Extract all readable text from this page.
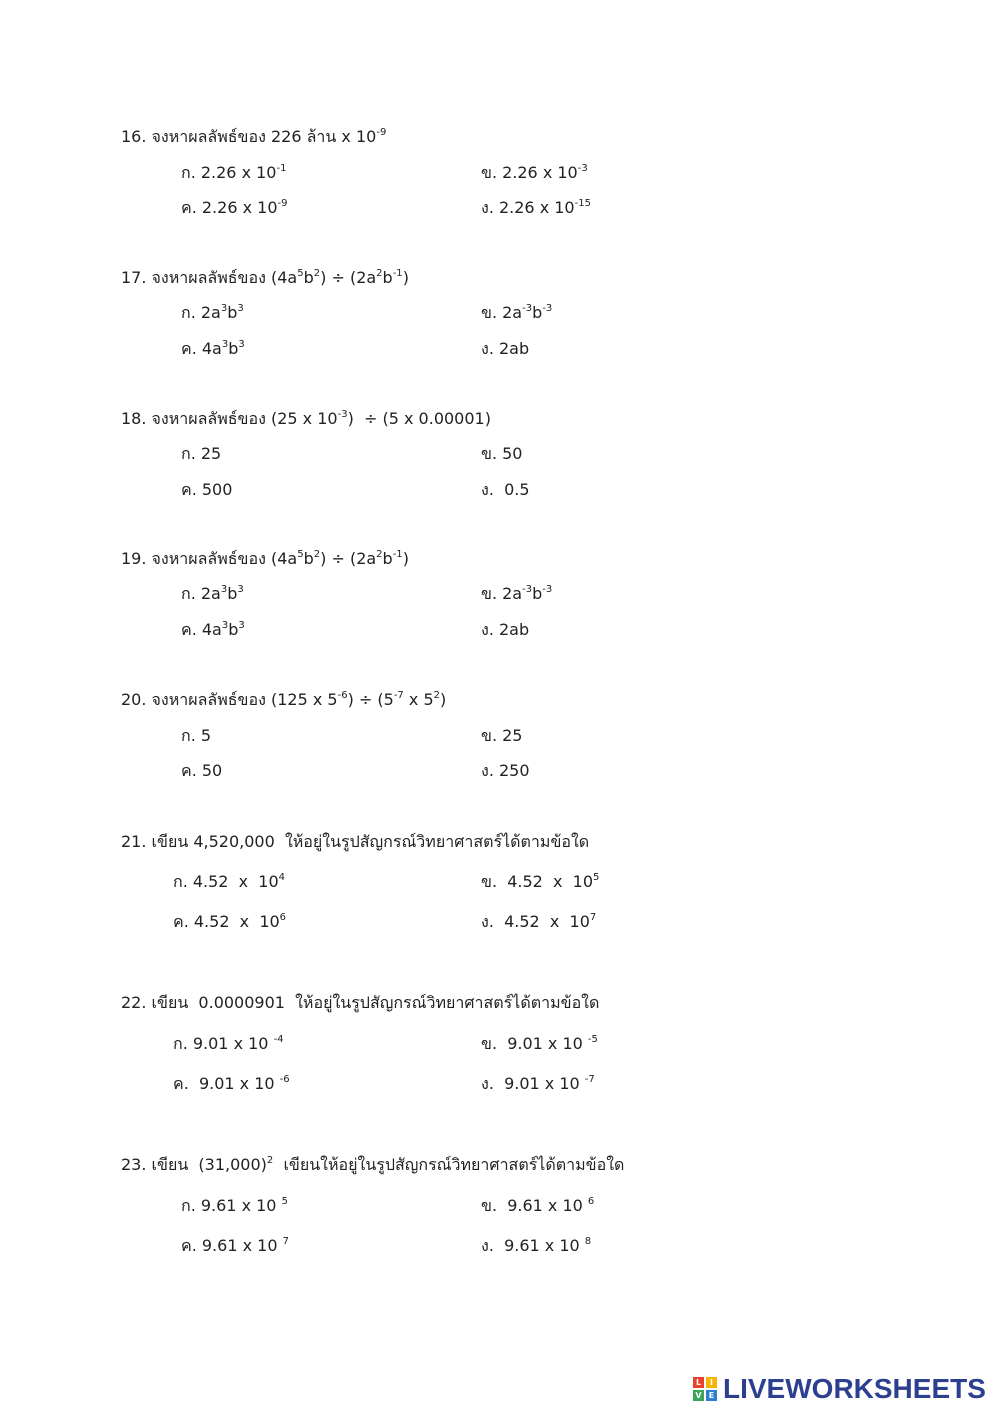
16. จงหาผลลัพธ์ของ 226 ล้าน x $10^{-9}$
ก. 2.26 x $10^{-1}$	ข. 2.26 x $10^{-3}$
ค. 2.26 x $10^{-9}$	ง. 2.26 x $10^{-15}$
17. จงหาผลลัพธ์ของ $(4a^5b^2) \div (2a^2b^{-1})$
ก. $2a^3b^3$	ข. $2a^{-3}b^{-3}$
ค. $4a^3b^3$	ง. 2ab
18. จงหาผลลัพธ์ของ (25 x $10^{-3}) \div (5$ x 0.00001)
ก. 25	ข. 50
ค. 500	ง.  0.5
19. จงหาผลลัพธ์ของ $(4a^5b^2) \div (2a^2b^{-1})$
ก. $2a^3b^3$	ข. $2a^{-3}b^{-3}$
ค. $4a^3b^3$	ง. 2ab
20. จงหาผลลัพธ์ของ (125 x $5^{-6}) \div (5^{-7}$ x $5^2$)
ก. 5	ข. 25
ค. 50	ง. 250
21. เขียน 4,520,000  ให้อยู่ในรูปสัญกรณ์วิทยาศาสตร์ได้ตามข้อใด
ก. 4.52  x  $10^4$	ข.  4.52  x  $10^5$
ค. 4.52  x  $10^6$	ง.  4.52  x  $10^7$
22. เขียน  0.0000901  ให้อยู่ในรูปสัญกรณ์วิทยาศาสตร์ได้ตามข้อใด
ก. 9.01 x 10 $^{-4}$	ข.  9.01 x 10 $^{-5}$
ค.  9.01 x 10 $^{-6}$	ง.  9.01 x 10 $^{-7}$
23. เขียน  $(31,000)^2$  เขียนให้อยู่ในรูปสัญกรณ์วิทยาศาสตร์ได้ตามข้อใด
ก. 9.61 x 10 $^5$	ข.  9.61 x 10 $^6$
ค. 9.61 x 10 $^7$	ง.  9.61 x 10 $^8$
L	I
V E LIVEWORKSHEETS
